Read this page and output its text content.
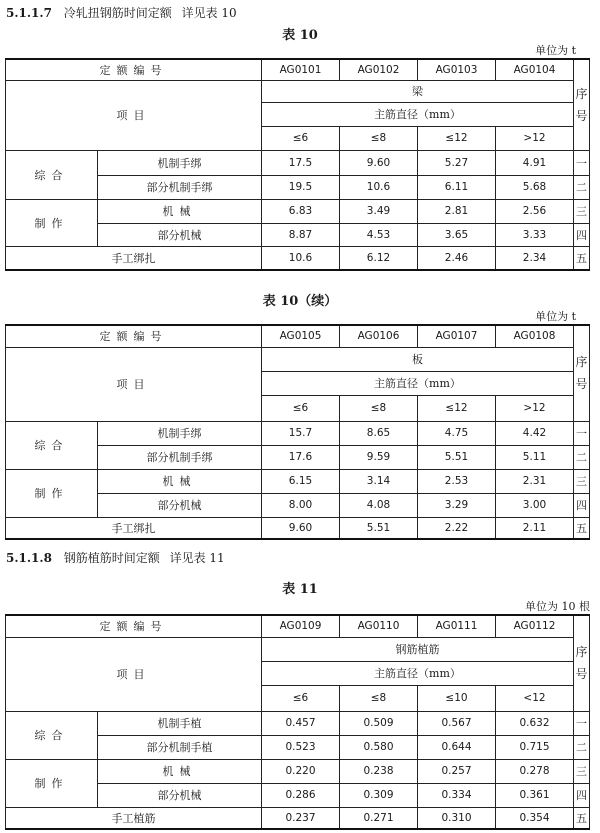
5.1.1.7 冷轧扭钢筋时间定额 详见表 10
表 10
单位为 t
定额编号		AG0101	AG0102	AG0103	AG0104	序号
项目		梁				
		主筋直径（mm）				
		≤6	≤8	≤12	>12	
综合	机制手绑	17.5	9.60	5.27	4.91	一
	部分机制手绑	19.5	10.6	6.11	5.68	二
制作	机械	6.83	3.49	2.81	2.56	三
	部分机械	8.87	4.53	3.65	3.33	四
手工绑扎		10.6	6.12	2.46	2.34	五
表 10（续）
单位为 t
定额编号		AG0105	AG0106	AG0107	AG0108	序号
项目		板				
		主筋直径（mm）				
		≤6	≤8	≤12	>12	
综合	机制手绑	15.7	8.65	4.75	4.42	一
	部分机制手绑	17.6	9.59	5.51	5.11	二
制作	机械	6.15	3.14	2.53	2.31	三
	部分机械	8.00	4.08	3.29	3.00	四
手工绑扎		9.60	5.51	2.22	2.11	五
5.1.1.8 钢筋植筋时间定额 详见表 11
表 11
单位为 10 根
定额编号		AG0109	AG0110	AG0111	AG0112	序号
项目		钢筋植筋				
		主筋直径（mm）				
		≤6	≤8	≤10	<12	
综合	机制手植	0.457	0.509	0.567	0.632	一
	部分机制手植	0.523	0.580	0.644	0.715	二
制作	机械	0.220	0.238	0.257	0.278	三
	部分机械	0.286	0.309	0.334	0.361	四
手工植筋		0.237	0.271	0.310	0.354	五
